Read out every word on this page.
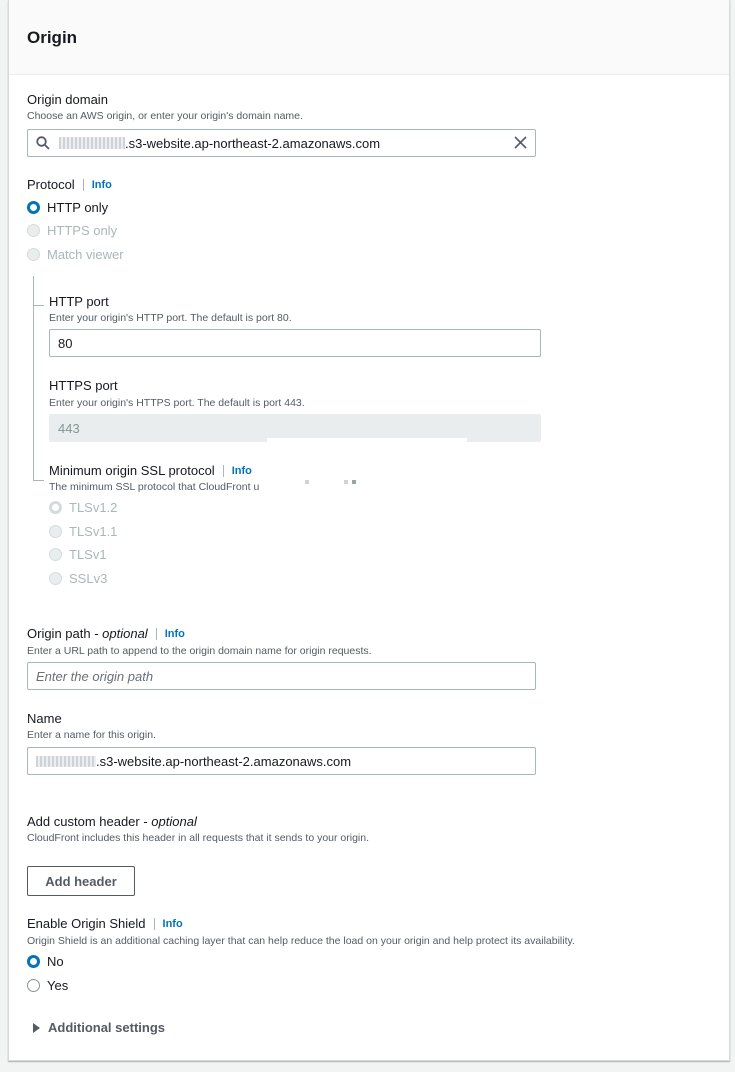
Origin
Origin domain
Choose an AWS origin, or enter your origin's domain name.
.s3-website.ap-northeast-2.amazonaws.com
Protocol	Info
HTTP only
HTTPS only
Match viewer
HTTP port
Enter your origin's HTTP port. The default is port 80.
80
HTTPS port
Enter your origin's HTTPS port. The default is port 443.
443
Minimum origin SSL protocol	Info
The minimum SSL protocol that CloudFront u
TLSv1.2
TLSv1.1
TLSv1
SSLv3
Origin path - optional	Info
Enter a URL path to append to the origin domain name for origin requests.
Enter the origin path
Name
Enter a name for this origin.
.s3-website.ap-northeast-2.amazonaws.com
Add custom header - optional
CloudFront includes this header in all requests that it sends to your origin.
Add header
Enable Origin Shield	Info
Origin Shield is an additional caching layer that can help reduce the load on your origin and help protect its availability.
No
Yes
Additional settings
